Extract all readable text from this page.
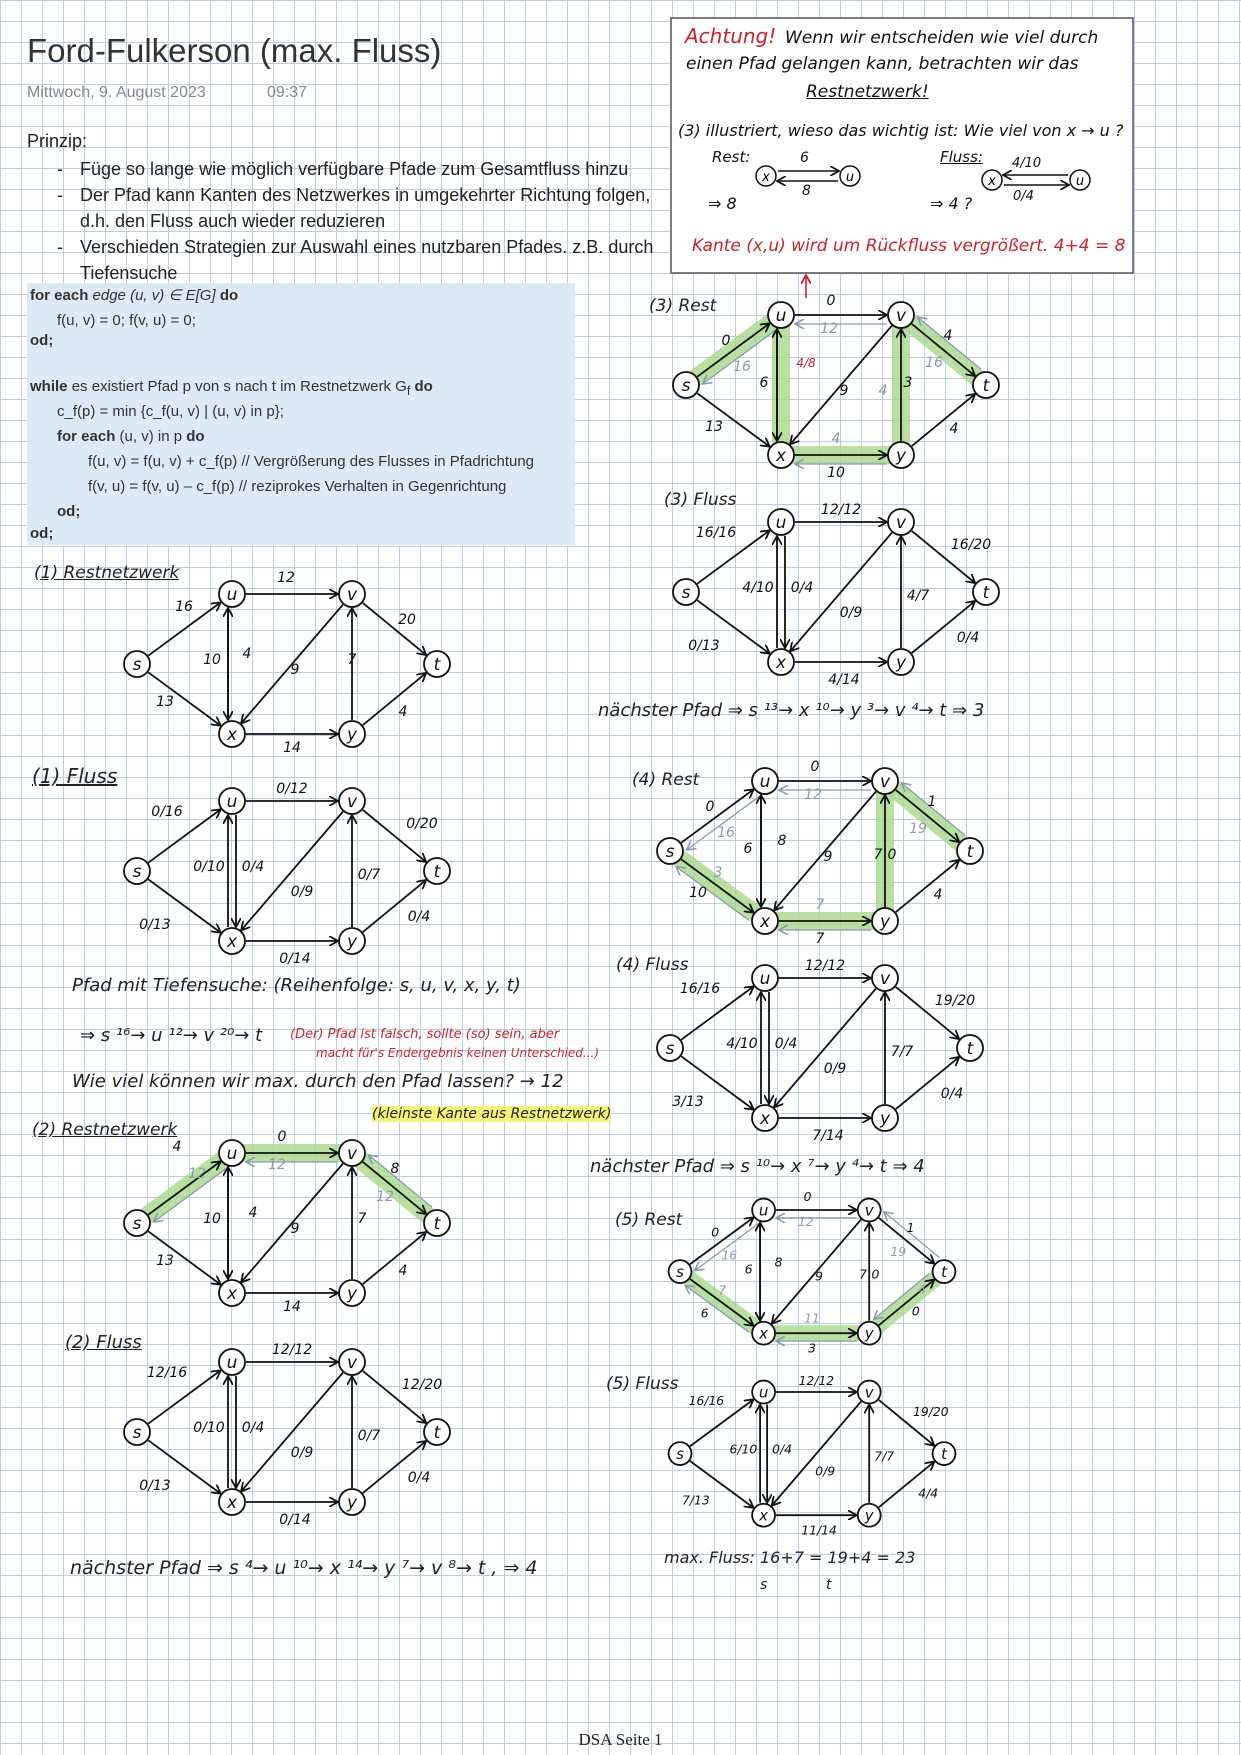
Ford-Fulkerson (max. Fluss)
Mittwoch, 9. August 2023	09:37
Prinzip:
- Füge so lange wie möglich verfügbare Pfade zum Gesamtfluss hinzu
- Der Pfad kann Kanten des Netzwerkes in umgekehrter Richtung folgen, d.h. den Fluss auch wieder reduzieren
- Verschieden Strategien zur Auswahl eines nutzbaren Pfades. z.B. durch Tiefensuche
for each edge (u, v) ∈ E[G] do
f(u, v) = 0; f(v, u) = 0;
od;
while es existiert Pfad p von s nach t im Restnetzwerk $G_f$ do
c_f(p) = min {c_f(u, v) | (u, v) in p};
for each (u, v) in p do
f(u, v) = f(u, v) + c_f(p) // Vergrößerung des Flusses in Pfadrichtung
f(v, u) = f(v, u) – c_f(p) // reziprokes Verhalten in Gegenrichtung
od;
od;
s
u	v
x	y
t
16
12
20
13
10 4
9
7
14
4
s
u	v
x	y
t
0/16
0/12
0/20
0/13
0/10 0/4
0/9
0/7
0/14
0/4
s
u	v
x	y
t
4
0
8
12
12
12
13
10 4
9
7
14
4
s
u	v
x	y
t
12/16
12/12
12/20
0/13
0/10 0/4
0/9
0/7
0/14
0/4
s
u	v
x	y
t
0
0
4
16
12
16
13
6	9	3
4
10
4
4
4/8
s
u	v
x	y
t
16/16
12/12
16/20
0/13
4/10 0/4
0/9
4/7
4/14
0/4
s
u	v
x	y
t
0
0
1
16
12
19
10
3
6 8
9	7 0
7
7
4
s
u	v
x	y
t
16/16
12/12
19/20
3/13
4/10 0/4
0/9
7/7
7/14
0/4
s
u	v
x	y
t
0
0
1
16
12
19
6
7
6
8
9	7 0
11
3
0
4
s
u	v
x	y
t
16/16
12/12
19/20
7/13
6/10 0/4
0/9
7/7
11/14
4/4
x	u	x	u
Achtung! Wenn wir entscheiden wie viel durch
einen Pfad gelangen kann, betrachten wir das
Restnetzwerk!
(3) illustriert, wieso das wichtig ist: Wie viel von x → u ?
Rest:	6
8
⇒ 8
Fluss: 4/10
0/4
⇒ 4 ?
Kante (x,u) wird um Rückfluss vergrößert. 4+4 = 8
(1) Restnetzwerk
(1) Fluss
(2) Restnetzwerk
(2) Fluss
(3) Rest
(3) Fluss
(4) Rest
(4) Fluss
(5) Rest
(5) Fluss
Pfad mit Tiefensuche: (Reihenfolge: s, u, v, x, y, t)
⇒ s ¹⁶→ u ¹²→ v ²⁰→ t (Der) Pfad ist falsch, sollte (so) sein, aber
macht für's Endergebnis keinen Unterschied...)
Wie viel können wir max. durch den Pfad lassen? → 12
(kleinste Kante aus Restnetzwerk)
nächster Pfad ⇒ s ⁴→ u ¹⁰→ x ¹⁴→ y ⁷→ v ⁸→ t , ⇒ 4
nächster Pfad ⇒ s ¹³→ x ¹⁰→ y ³→ v ⁴→ t ⇒ 3
nächster Pfad ⇒ s ¹⁰→ x ⁷→ y ⁴→ t ⇒ 4
max. Fluss: 16+7 = 19+4 = 23
s	t
DSA Seite 1
